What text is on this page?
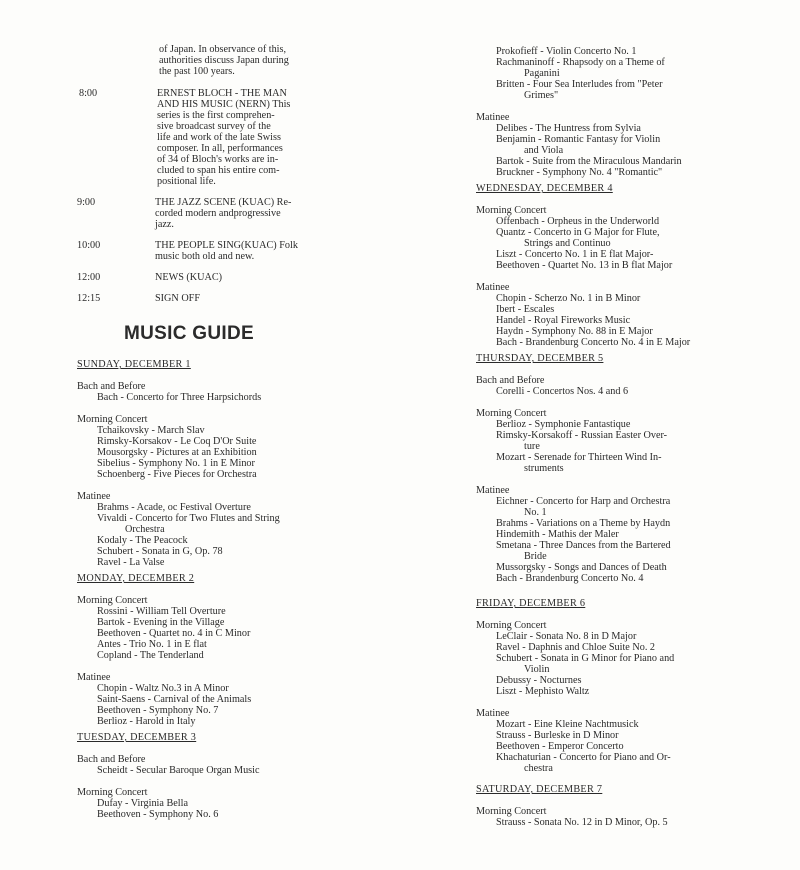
of Japan. In observance of this,
authorities discuss Japan during
the past 100 years.
8:00	ERNEST BLOCH - THE MAN
AND HIS MUSIC (NERN) This
series is the first comprehen-
sive broadcast survey of the
life and work of the late Swiss
composer. In all, performances
of 34 of Bloch's works are in-
cluded to span his entire com-
positional life.
9:00	THE JAZZ SCENE (KUAC) Re-
corded modern andprogressive
jazz.
10:00	THE PEOPLE SING(KUAC) Folk
music both old and new.
12:00	NEWS (KUAC)
12:15	SIGN OFF
MUSIC GUIDE
SUNDAY, DECEMBER 1
Bach and Before
Bach - Concerto for Three Harpsichords
Morning Concert
Tchaikovsky - March Slav
Rimsky-Korsakov - Le Coq D'Or Suite
Mousorgsky - Pictures at an Exhibition
Sibelius - Symphony No. 1 in E Minor
Schoenberg - Five Pieces for Orchestra
Matinee
Brahms - Acade, oc Festival Overture
Vivaldi - Concerto for Two Flutes and String
Orchestra
Kodaly - The Peacock
Schubert - Sonata in G, Op. 78
Ravel - La Valse
MONDAY, DECEMBER 2
Morning Concert
Rossini - William Tell Overture
Bartok - Evening in the Village
Beethoven - Quartet no. 4 in C Minor
Antes - Trio No. 1 in E flat
Copland - The Tenderland
Matinee
Chopin - Waltz No.3 in A Minor
Saint-Saens - Carnival of the Animals
Beethoven - Symphony No. 7
Berlioz - Harold in Italy
TUESDAY, DECEMBER 3
Bach and Before
Scheidt - Secular Baroque Organ Music
Morning Concert
Dufay - Virginia Bella
Beethoven - Symphony No. 6
Prokofieff - Violin Concerto No. 1
Rachmaninoff - Rhapsody on a Theme of
Paganini
Britten - Four Sea Interludes from "Peter
Grimes"
Matinee
Delibes - The Huntress from Sylvia
Benjamin - Romantic Fantasy for Violin
and Viola
Bartok - Suite from the Miraculous Mandarin
Bruckner - Symphony No. 4 "Romantic"
WEDNESDAY, DECEMBER 4
Morning Concert
Offenbach - Orpheus in the Underworld
Quantz - Concerto in G Major for Flute,
Strings and Continuo
Liszt - Concerto No. 1 in E flat Major-
Beethoven - Quartet No. 13 in B flat Major
Matinee
Chopin - Scherzo No. 1 in B Minor
Ibert - Escales
Handel - Royal Fireworks Music
Haydn - Symphony No. 88 in E Major
Bach - Brandenburg Concerto No. 4 in E Major
THURSDAY, DECEMBER 5
Bach and Before
Corelli - Concertos Nos. 4 and 6
Morning Concert
Berlioz - Symphonie Fantastique
Rimsky-Korsakoff - Russian Easter Over-
ture
Mozart - Serenade for Thirteen Wind In-
struments
Matinee
Eichner - Concerto for Harp and Orchestra
No. 1
Brahms - Variations on a Theme by Haydn
Hindemith - Mathis der Maler
Smetana - Three Dances from the Bartered
Bride
Mussorgsky - Songs and Dances of Death
Bach - Brandenburg Concerto No. 4
FRIDAY, DECEMBER 6
Morning Concert
LeClair - Sonata No. 8 in D Major
Ravel - Daphnis and Chloe Suite No. 2
Schubert - Sonata in G Minor for Piano and
Violin
Debussy - Nocturnes
Liszt - Mephisto Waltz
Matinee
Mozart - Eine Kleine Nachtmusick
Strauss - Burleske in D Minor
Beethoven - Emperor Concerto
Khachaturian - Concerto for Piano and Or-
chestra
SATURDAY, DECEMBER 7
Morning Concert
Strauss - Sonata No. 12 in D Minor, Op. 5
